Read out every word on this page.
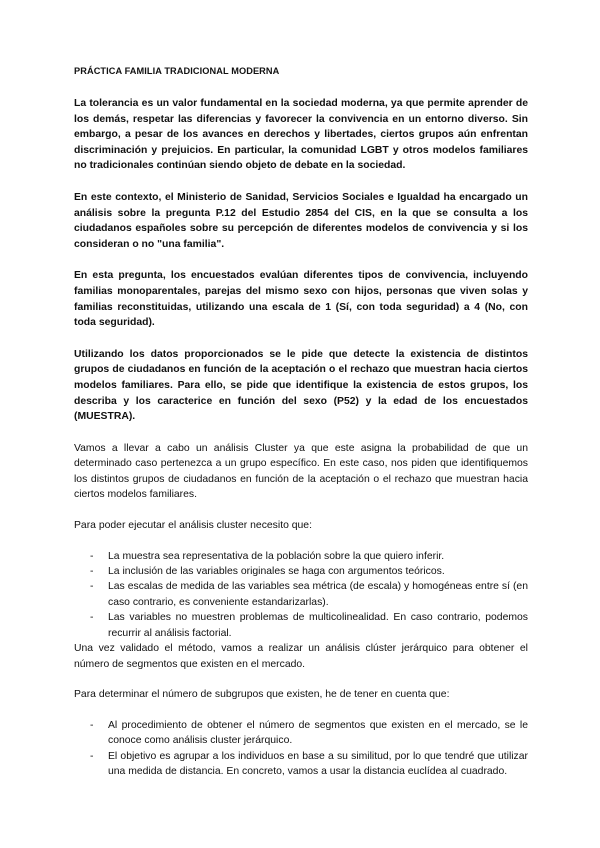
PRÁCTICA FAMILIA TRADICIONAL MODERNA

La tolerancia es un valor fundamental en la sociedad moderna, ya que permite aprender de los demás, respetar las diferencias y favorecer la convivencia en un entorno diverso. Sin embargo, a pesar de los avances en derechos y libertades, ciertos grupos aún enfrentan discriminación y prejuicios. En particular, la comunidad LGBT y otros modelos familiares no tradicionales continúan siendo objeto de debate en la sociedad.

En este contexto, el Ministerio de Sanidad, Servicios Sociales e Igualdad ha encargado un análisis sobre la pregunta P.12 del Estudio 2854 del CIS, en la que se consulta a los ciudadanos españoles sobre su percepción de diferentes modelos de convivencia y si los consideran o no "una familia".

En esta pregunta, los encuestados evalúan diferentes tipos de convivencia, incluyendo familias monoparentales, parejas del mismo sexo con hijos, personas que viven solas y familias reconstituidas, utilizando una escala de 1 (Sí, con toda seguridad) a 4 (No, con toda seguridad).

Utilizando los datos proporcionados se le pide que detecte la existencia de distintos grupos de ciudadanos en función de la aceptación o el rechazo que muestran hacia ciertos modelos familiares. Para ello, se pide que identifique la existencia de estos grupos, los describa y los caracterice en función del sexo (P52) y la edad de los encuestados (MUESTRA).

Vamos a llevar a cabo un análisis Cluster ya que este asigna la probabilidad de que un determinado caso pertenezca a un grupo específico. En este caso, nos piden que identifiquemos los distintos grupos de ciudadanos en función de la aceptación o el rechazo que muestran hacia ciertos modelos familiares.

Para poder ejecutar el análisis cluster necesito que:

- La muestra sea representativa de la población sobre la que quiero inferir.
- La inclusión de las variables originales se haga con argumentos teóricos.
- Las escalas de medida de las variables sea métrica (de escala) y homogéneas entre sí (en caso contrario, es conveniente estandarizarlas).
- Las variables no muestren problemas de multicolinealidad. En caso contrario, podemos recurrir al análisis factorial.

Una vez validado el método, vamos a realizar un análisis clúster jerárquico para obtener el número de segmentos que existen en el mercado.

Para determinar el número de subgrupos que existen, he de tener en cuenta que:

- Al procedimiento de obtener el número de segmentos que existen en el mercado, se le conoce como análisis cluster jerárquico.
- El objetivo es agrupar a los individuos en base a su similitud, por lo que tendré que utilizar una medida de distancia. En concreto, vamos a usar la distancia euclídea al cuadrado.
